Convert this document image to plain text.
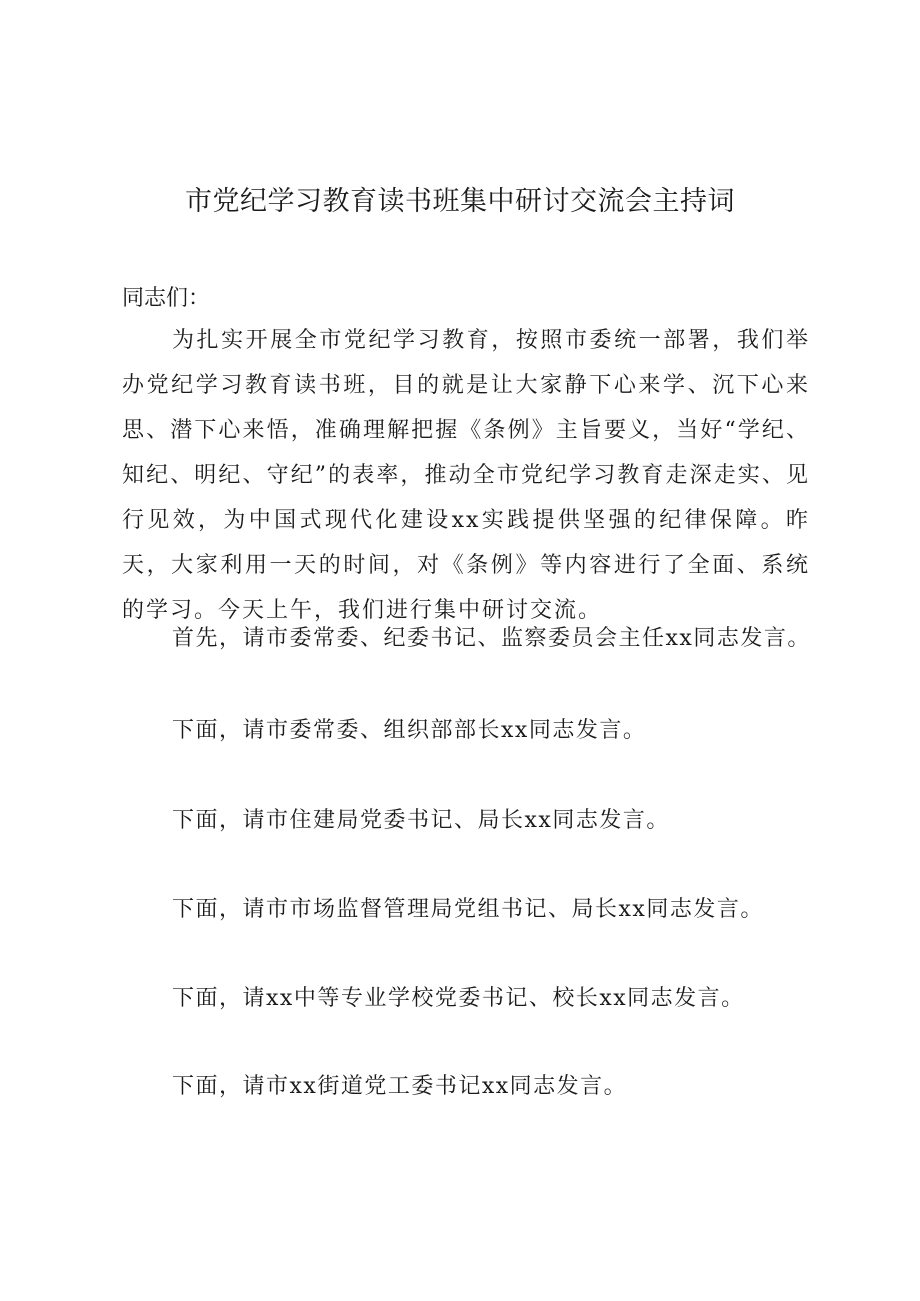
市党纪学习教育读书班集中研讨交流会主持词

同志们：

为扎实开展全市党纪学习教育，按照市委统一部署，我们举办党纪学习教育读书班，目的就是让大家静下心来学、沉下心来思、潜下心来悟，准确理解把握《条例》主旨要义，当好“学纪、知纪、明纪、守纪”的表率，推动全市党纪学习教育走深走实、见行见效，为中国式现代化建设xx实践提供坚强的纪律保障。昨天，大家利用一天的时间，对《条例》等内容进行了全面、系统的学习。今天上午，我们进行集中研讨交流。

首先，请市委常委、纪委书记、监察委员会主任xx同志发言。

下面，请市委常委、组织部部长xx同志发言。

下面，请市住建局党委书记、局长xx同志发言。

下面，请市市场监督管理局党组书记、局长xx同志发言。

下面，请xx中等专业学校党委书记、校长xx同志发言。

下面，请市xx街道党工委书记xx同志发言。
